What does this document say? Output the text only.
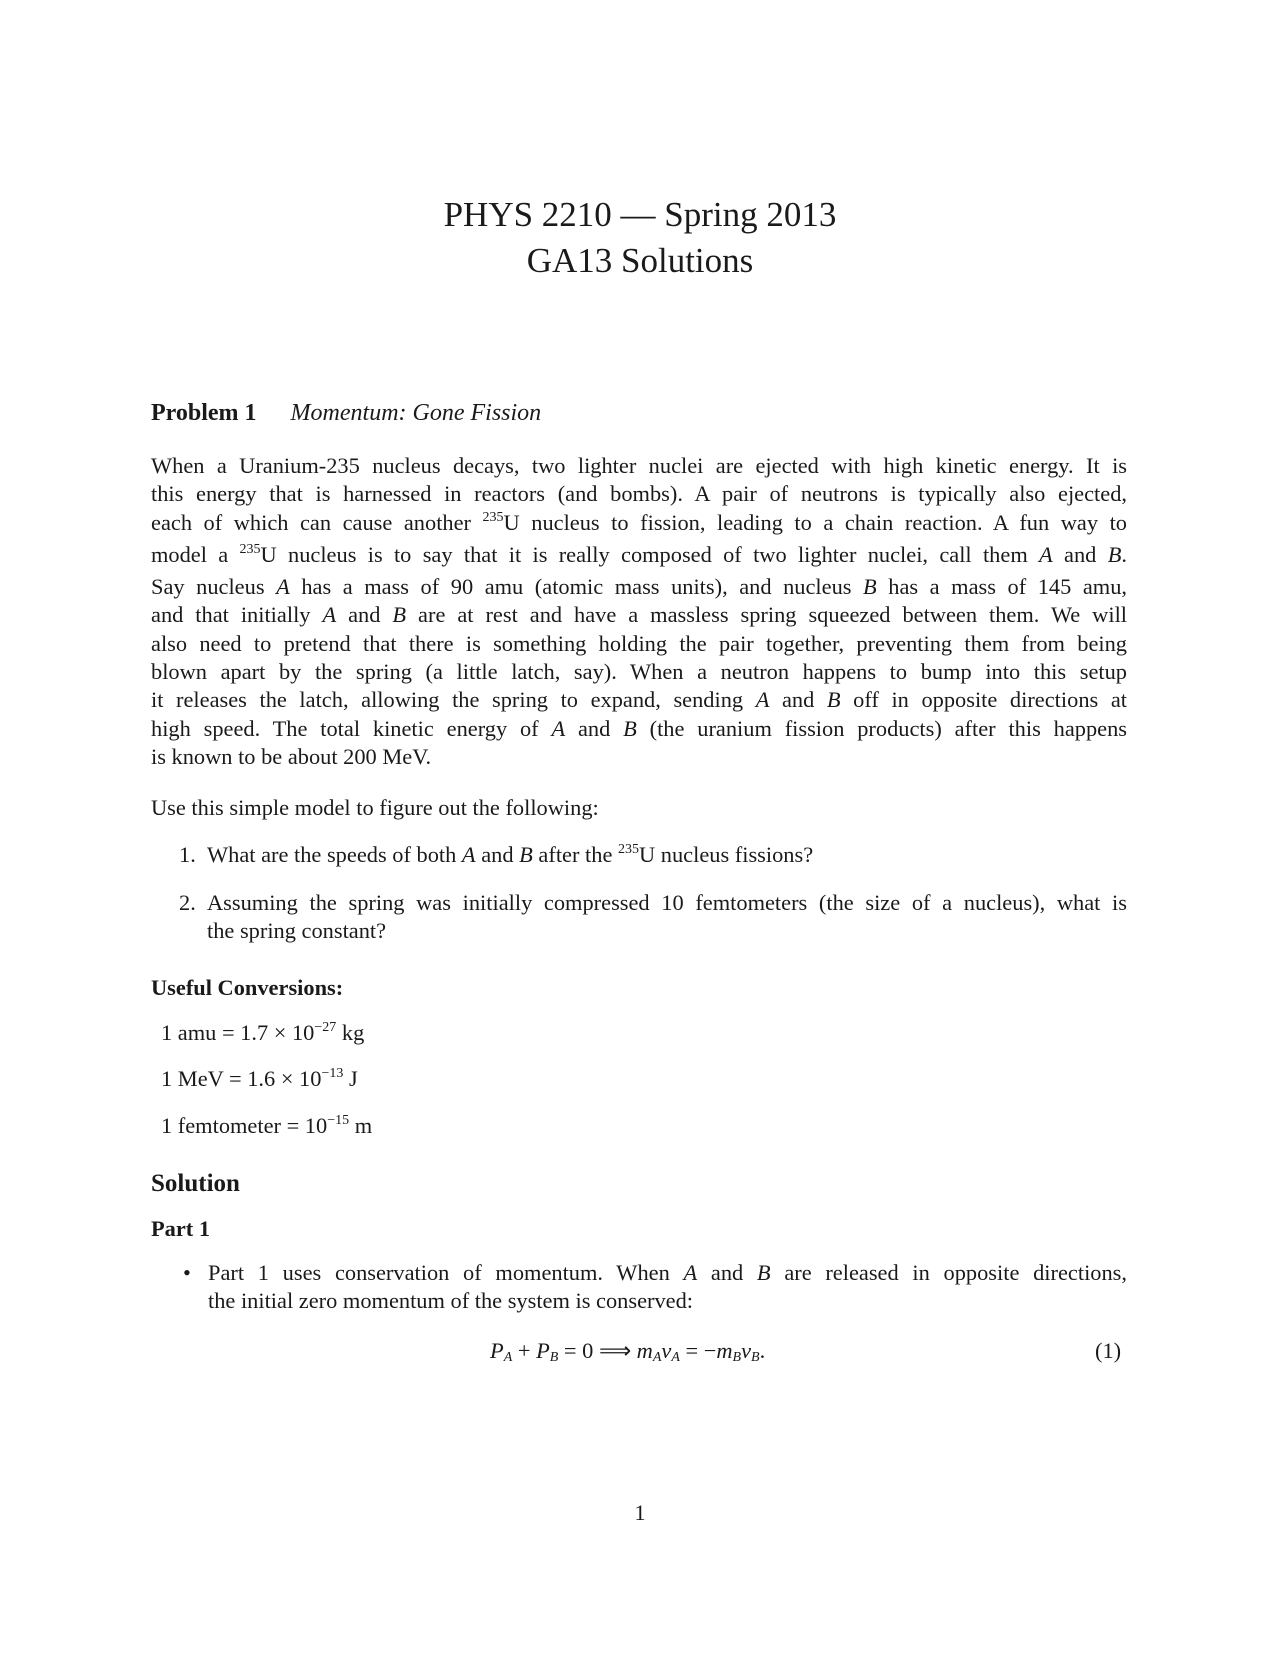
PHYS 2210 — Spring 2013
GA13 Solutions
Problem 1 Momentum: Gone Fission
When a Uranium-235 nucleus decays, two lighter nuclei are ejected with high kinetic energy. It is
this energy that is harnessed in reactors (and bombs). A pair of neutrons is typically also ejected,
each of which can cause another $^{235}$U nucleus to fission, leading to a chain reaction. A fun way to
model a $^{235}$U nucleus is to say that it is really composed of two lighter nuclei, call them A and B.
Say nucleus A has a mass of 90 amu (atomic mass units), and nucleus B has a mass of 145 amu,
and that initially A and B are at rest and have a massless spring squeezed between them. We will
also need to pretend that there is something holding the pair together, preventing them from being
blown apart by the spring (a little latch, say). When a neutron happens to bump into this setup
it releases the latch, allowing the spring to expand, sending A and B off in opposite directions at
high speed. The total kinetic energy of A and B (the uranium fission products) after this happens
is known to be about 200 MeV.
Use this simple model to figure out the following:
1. What are the speeds of both A and B after the $^{235}$U nucleus fissions?
2. Assuming the spring was initially compressed 10 femtometers (the size of a nucleus), what is
the spring constant?
Useful Conversions:
1 amu = $1.7 \times 10^{-27}$ kg
1 MeV = $1.6 \times 10^{-13}$ J
1 femtometer = $10^{-15}$ m
Solution
Part 1
• Part 1 uses conservation of momentum. When A and B are released in opposite directions,
the initial zero momentum of the system is conserved:
$P_A + P_B = 0$ ⟹ $m_Av_A = -m_Bv_B$.	(1)
1
